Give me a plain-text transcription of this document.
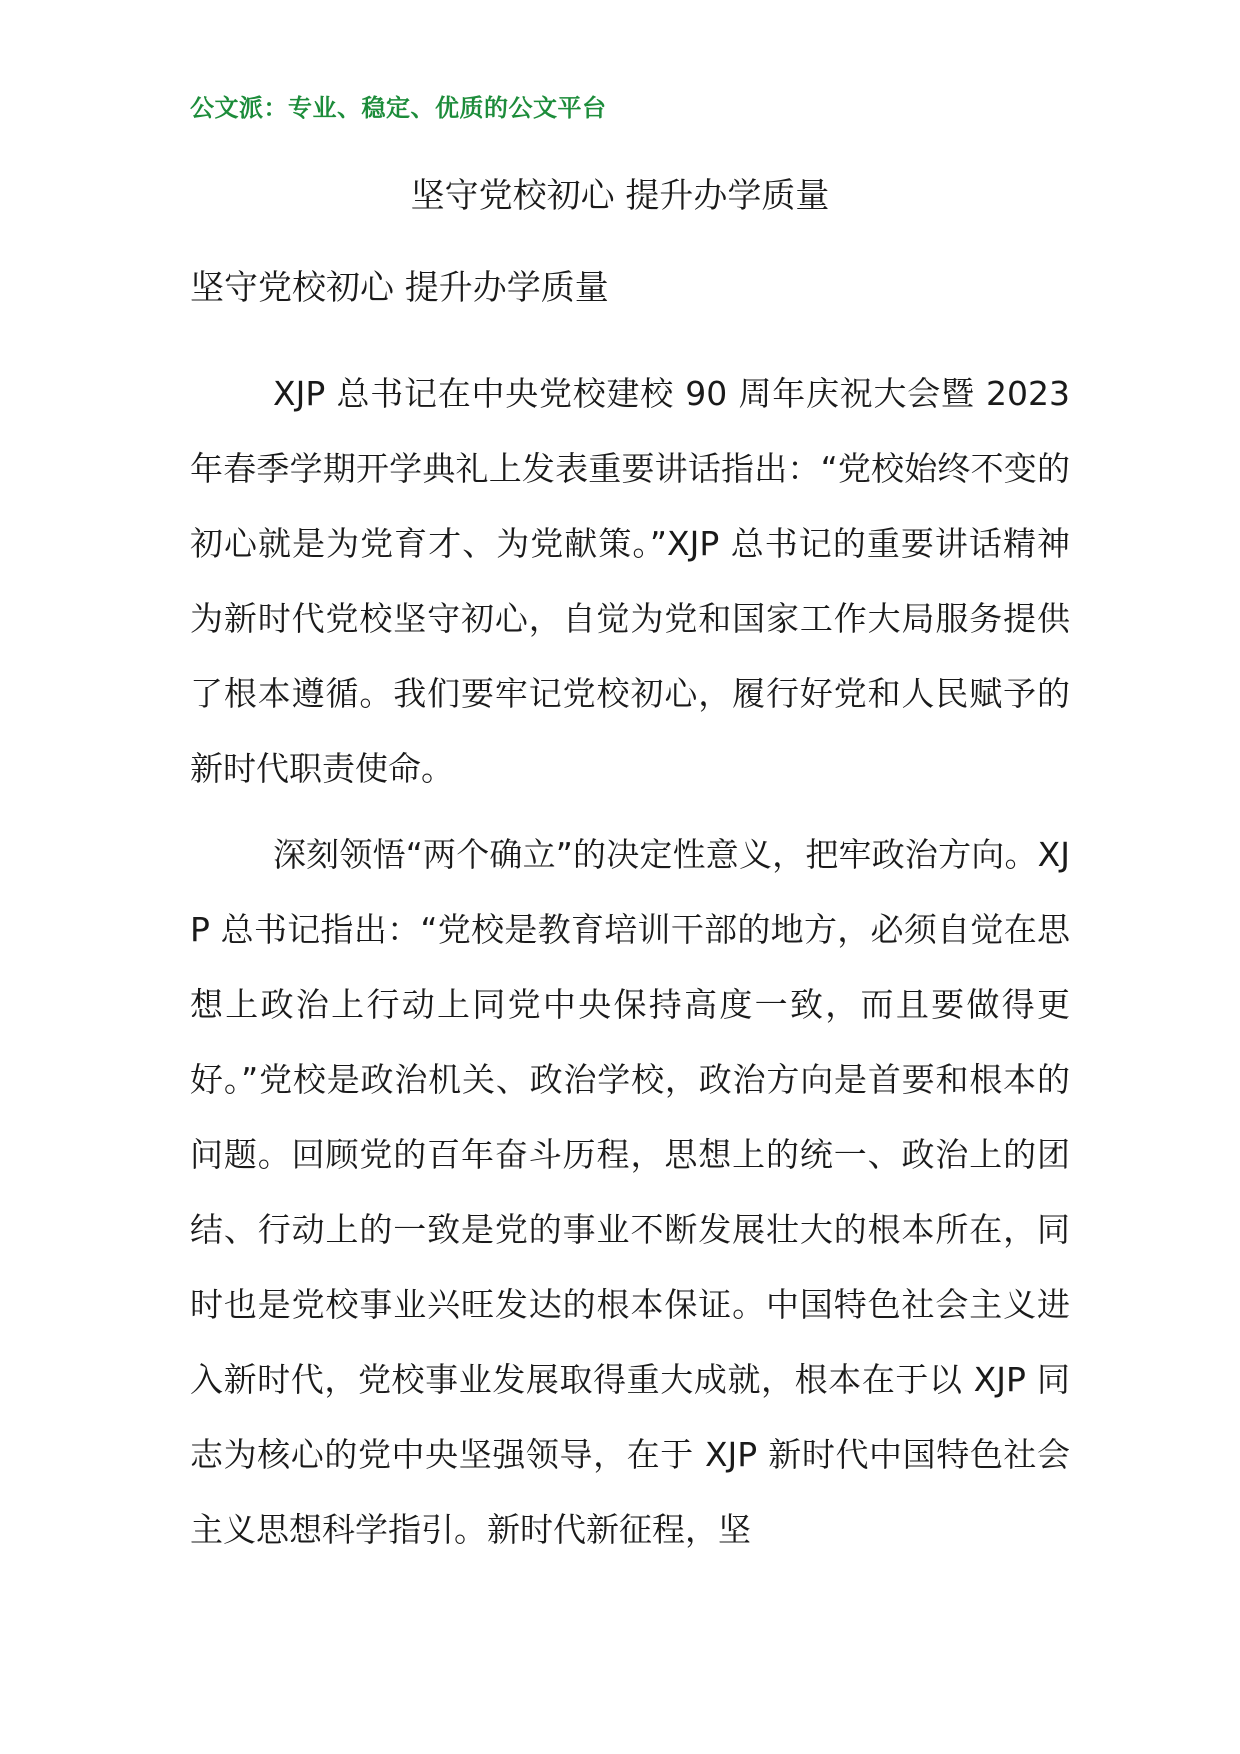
公文派：专业、稳定、优质的公文平台
坚守党校初心 提升办学质量
坚守党校初心 提升办学质量

XJP 总书记在中央党校建校 90 周年庆祝大会暨 2023 年春季学期开学典礼上发表重要讲话指出：“党校始终不变的初心就是为党育才、为党献策。”XJP 总书记的重要讲话精神为新时代党校坚守初心，自觉为党和国家工作大局服务提供了根本遵循。我们要牢记党校初心，履行好党和人民赋予的新时代职责使命。

深刻领悟“两个确立”的决定性意义，把牢政治方向。XJP 总书记指出：“党校是教育培训干部的地方，必须自觉在思想上政治上行动上同党中央保持高度一致，而且要做得更好。”党校是政治机关、政治学校，政治方向是首要和根本的问题。回顾党的百年奋斗历程，思想上的统一、政治上的团结、行动上的一致是党的事业不断发展壮大的根本所在，同时也是党校事业兴旺发达的根本保证。中国特色社会主义进入新时代，党校事业发展取得重大成就，根本在于以 XJP 同志为核心的党中央坚强领导，在于 XJP 新时代中国特色社会主义思想科学指引。新时代新征程，坚
